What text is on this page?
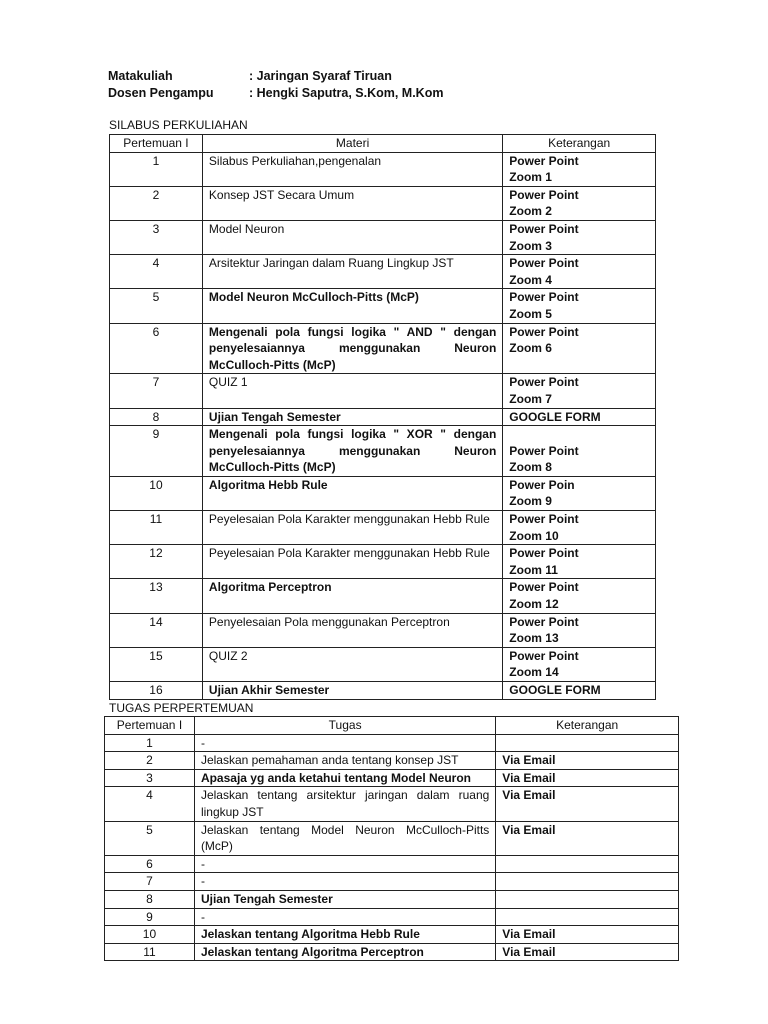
Matakuliah	: Jaringan Syaraf Tiruan
Dosen Pengampu	: Hengki Saputra, S.Kom, M.Kom
SILABUS PERKULIAHAN
Pertemuan I	Materi	Keterangan
1	Silabus Perkuliahan,pengenalan	Power Point
Zoom 1

2	Konsep JST Secara Umum	Power Point
Zoom 2

3	Model Neuron	Power Point
Zoom 3

4	Arsitektur Jaringan dalam Ruang Lingkup JST	Power Point
Zoom 4

5	Model Neuron McCulloch-Pitts (McP)	Power Point
Zoom 5

6	Mengenali pola fungsi logika " AND " dengan penyelesaiannya menggunakan Neuron McCulloch-Pitts (McP)	Power Point
Zoom 6

7	QUIZ 1	Power Point
Zoom 7

8	Ujian Tengah Semester	GOOGLE FORM

9	Mengenali pola fungsi logika " XOR " dengan penyelesaiannya menggunakan Neuron McCulloch-Pitts (McP)	Power Point
Zoom 8

10	Algoritma Hebb Rule	Power Poin
Zoom 9

11	Peyelesaian Pola Karakter menggunakan Hebb Rule	Power Point
Zoom 10

12	Peyelesaian Pola Karakter menggunakan Hebb Rule	Power Point
Zoom 11

13	Algoritma Perceptron	Power Point
Zoom 12

14	Penyelesaian Pola menggunakan Perceptron	Power Point
Zoom 13

15	QUIZ 2	Power Point
Zoom 14

16	Ujian Akhir Semester	GOOGLE FORM
TUGAS PERPERTEMUAN
Pertemuan I	Tugas	Keterangan
1	-	
2	Jelaskan pemahaman anda tentang konsep JST	Via Email
3	Apasaja yg anda ketahui tentang Model Neuron	Via Email
4	Jelaskan tentang arsitektur jaringan dalam ruang lingkup JST	Via Email
5	Jelaskan tentang Model Neuron McCulloch-Pitts (McP)	Via Email
6	-	
7	-	
8	Ujian Tengah Semester	
9	-	
10	Jelaskan tentang Algoritma Hebb Rule	Via Email
11	Jelaskan tentang Algoritma Perceptron	Via Email
